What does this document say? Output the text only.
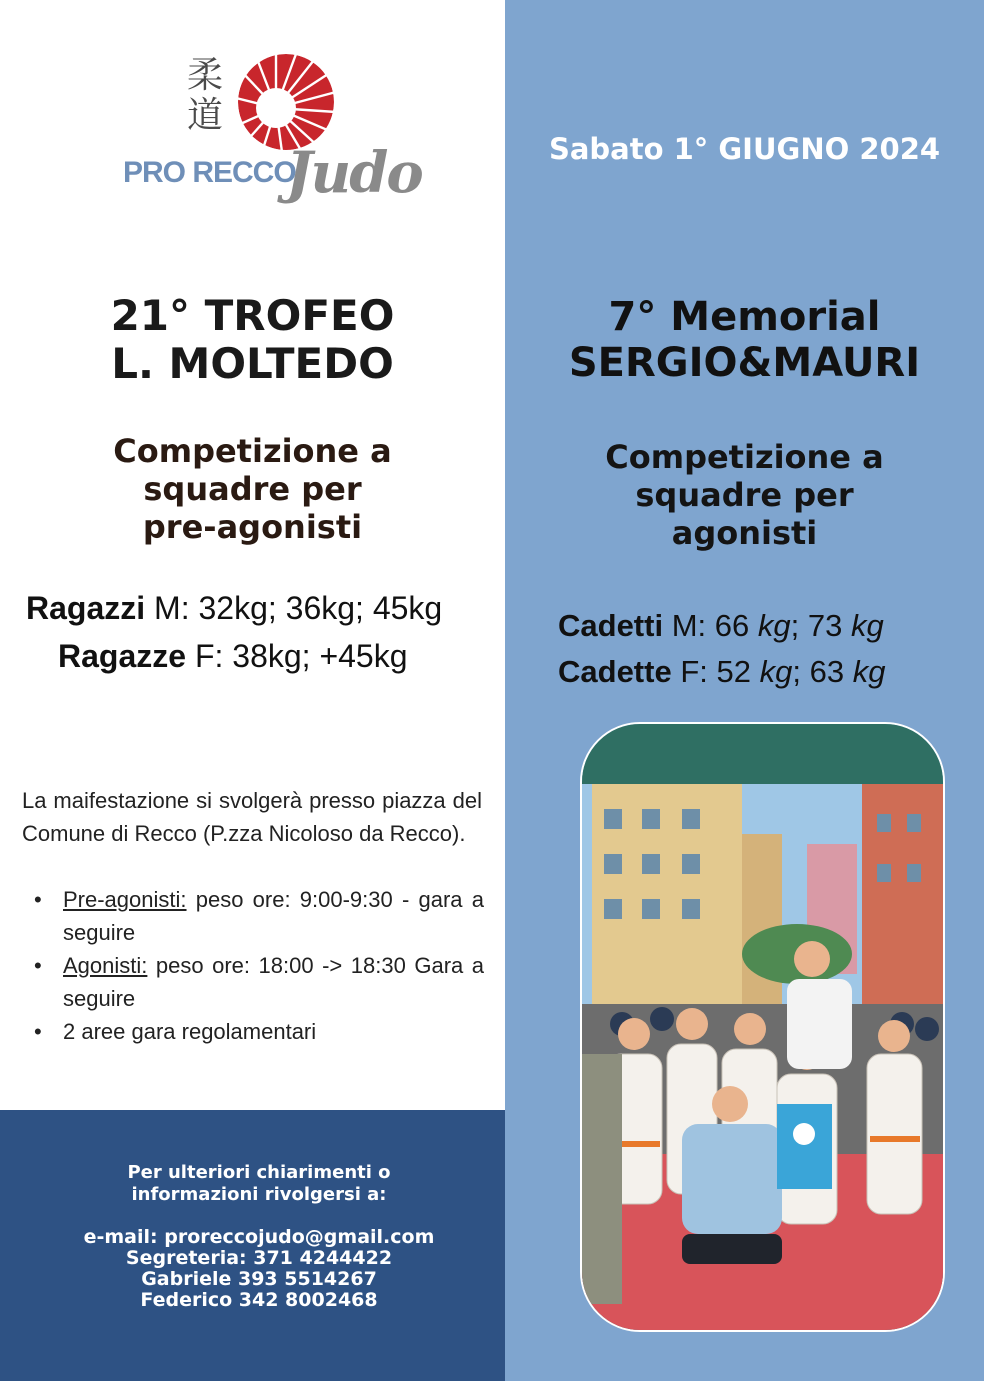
柔道
PRO RECCO
Judo	Sabato 1° GIUGNO 2024
21° TROFEO
L. MOLTEDO
Competizione a
squadre per
pre-agonisti
Ragazzi M: 32kg; 36kg; 45kg
Ragazze F: 38kg; +45kg
7° Memorial
SERGIO&MAURI
Competizione a
squadre per
agonisti
Cadetti M: 66 kg; 73 kg
Cadette F: 52 kg; 63 kg
La maifestazione si svolgerà presso piazza del Comune di Recco (P.zza Nicoloso da Recco).
• Pre-agonisti: peso ore: 9:00-9:30 - gara a seguire
• Agonisti: peso ore: 18:00 -> 18:30 Gara a seguire
• 2 aree gara regolamentari
Per ulteriori chiarimenti o
informazioni rivolgersi a:
e-mail: proreccojudo@gmail.com
Segreteria: 371 4244422
Gabriele 393 5514267
Federico 342 8002468
